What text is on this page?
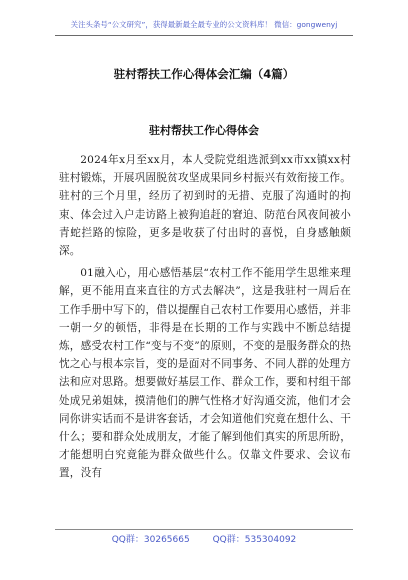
关注头条号“公文研究”，获得最新最全最专业的公文资料库！ 微信：gongwenyj
驻村帮扶工作心得体会汇编（4篇）
驻村帮扶工作心得体会

2024年x月至xx月，本人受院党组选派到xx市xx镇xx村驻村锻炼，开展巩固脱贫攻坚成果同乡村振兴有效衔接工作。驻村的三个月里，经历了初到时的无措、克服了沟通时的拘束、体会过入户走访路上被狗追赶的窘迫、防范台风夜间被小青蛇拦路的惊险，更多是收获了付出时的喜悦，自身感触颇深。

01融入心，用心感悟基层“农村工作不能用学生思维来理解，更不能用直来直往的方式去解决”，这是我驻村一周后在工作手册中写下的，借以提醒自己农村工作要用心感悟，并非一朝一夕的顿悟，非得是在长期的工作与实践中不断总结提炼，感受农村工作“变与不变”的原则，不变的是服务群众的热忱之心与根本宗旨，变的是面对不同事务、不同人群的处理方法和应对思路。想要做好基层工作、群众工作，要和村组干部处成兄弟姐妹，摸清他们的脾气性格才好沟通交流，他们才会同你讲实话而不是讲客套话，才会知道他们究竟在想什么、干什么；要和群众处成朋友，才能了解到他们真实的所思所盼，才能想明白究竟能为群众做些什么。仅靠文件要求、会议布置，没有

QQ群：30265665	QQ群：535304092
